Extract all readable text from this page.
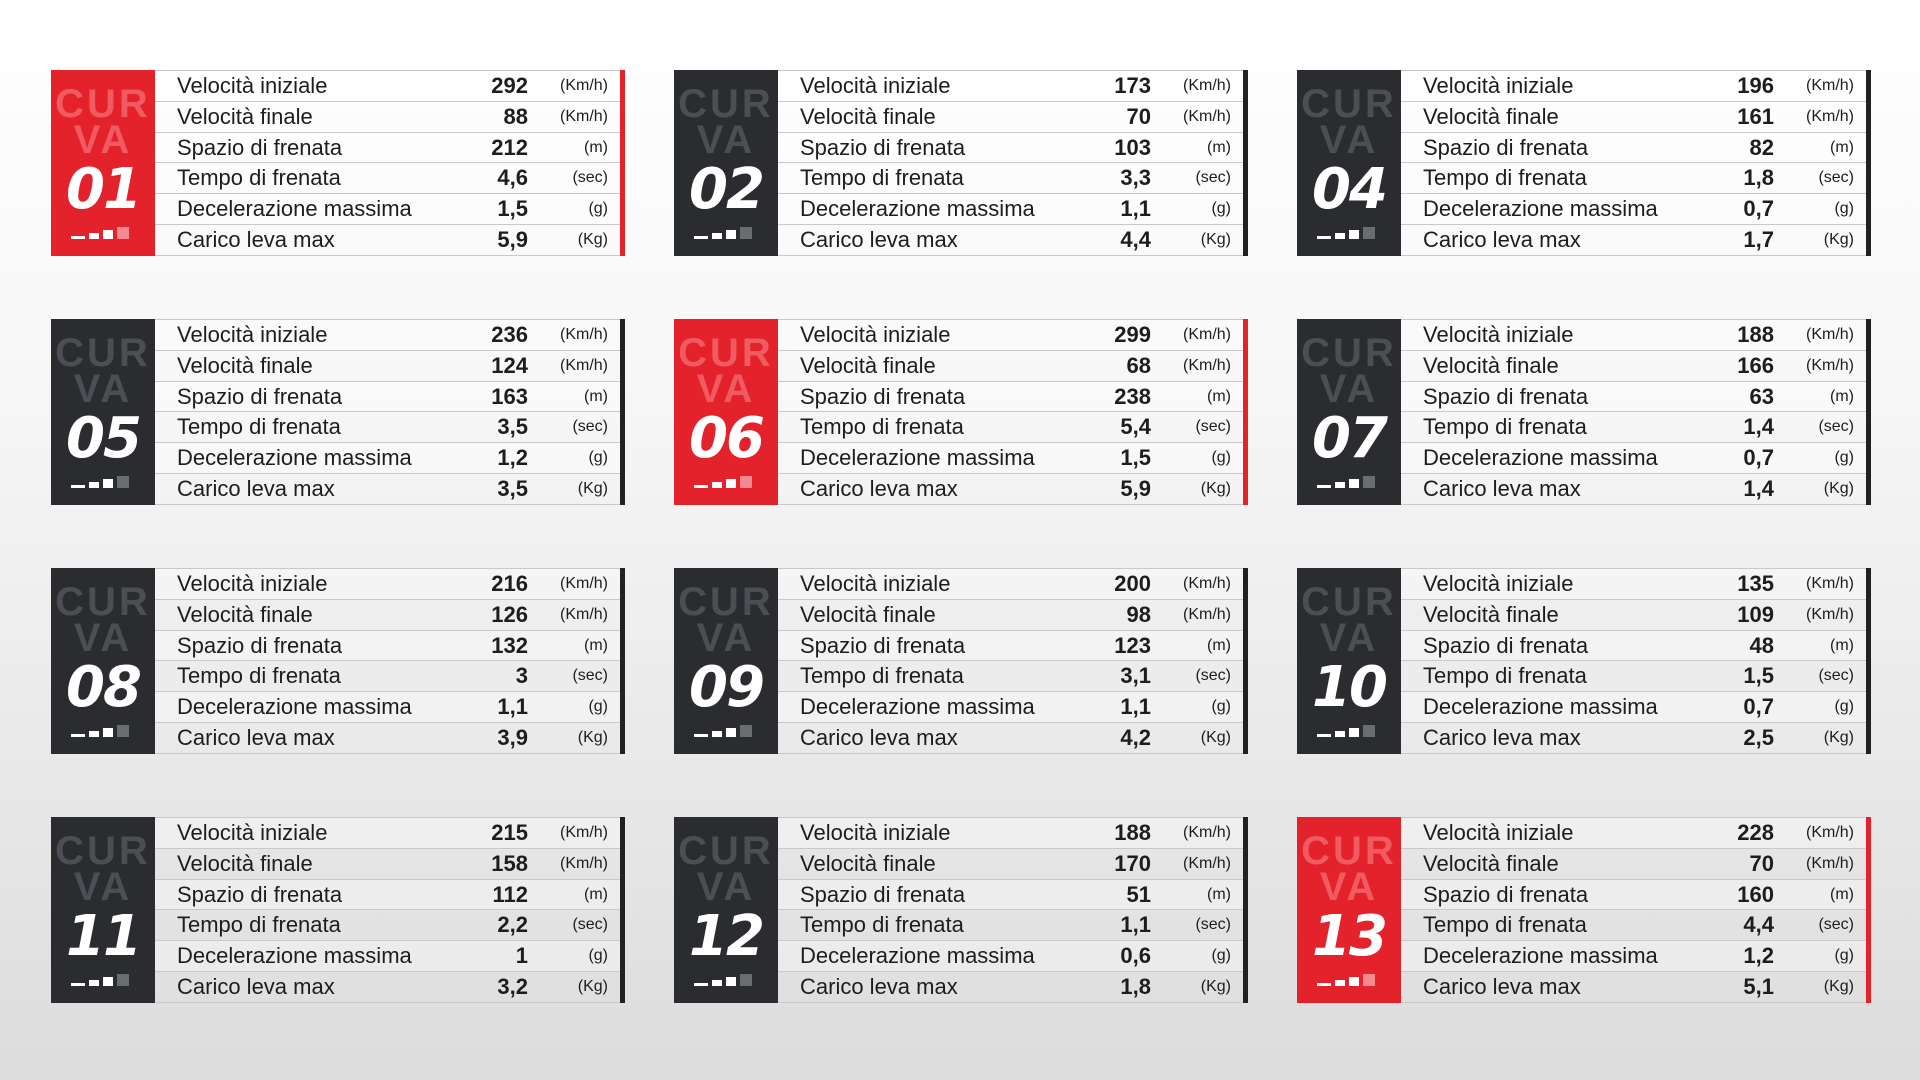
CUR
VA
01
Velocità iniziale	292	(Km/h)
Velocità finale	88	(Km/h)
Spazio di frenata	212	(m)
Tempo di frenata	4,6	(sec)
Decelerazione massima	1,5	(g)
Carico leva max	5,9	(Kg)
CUR
VA
02
Velocità iniziale	173	(Km/h)
Velocità finale	70	(Km/h)
Spazio di frenata	103	(m)
Tempo di frenata	3,3	(sec)
Decelerazione massima	1,1	(g)
Carico leva max	4,4	(Kg)
CUR
VA
04
Velocità iniziale	196	(Km/h)
Velocità finale	161	(Km/h)
Spazio di frenata	82	(m)
Tempo di frenata	1,8	(sec)
Decelerazione massima	0,7	(g)
Carico leva max	1,7	(Kg)
CUR
VA
05
Velocità iniziale	236	(Km/h)
Velocità finale	124	(Km/h)
Spazio di frenata	163	(m)
Tempo di frenata	3,5	(sec)
Decelerazione massima	1,2	(g)
Carico leva max	3,5	(Kg)
CUR
VA
06
Velocità iniziale	299	(Km/h)
Velocità finale	68	(Km/h)
Spazio di frenata	238	(m)
Tempo di frenata	5,4	(sec)
Decelerazione massima	1,5	(g)
Carico leva max	5,9	(Kg)
CUR
VA
07
Velocità iniziale	188	(Km/h)
Velocità finale	166	(Km/h)
Spazio di frenata	63	(m)
Tempo di frenata	1,4	(sec)
Decelerazione massima	0,7	(g)
Carico leva max	1,4	(Kg)
CUR
VA
08
Velocità iniziale	216	(Km/h)
Velocità finale	126	(Km/h)
Spazio di frenata	132	(m)
Tempo di frenata	3	(sec)
Decelerazione massima	1,1	(g)
Carico leva max	3,9	(Kg)
CUR
VA
09
Velocità iniziale	200	(Km/h)
Velocità finale	98	(Km/h)
Spazio di frenata	123	(m)
Tempo di frenata	3,1	(sec)
Decelerazione massima	1,1	(g)
Carico leva max	4,2	(Kg)
CUR
VA
10
Velocità iniziale	135	(Km/h)
Velocità finale	109	(Km/h)
Spazio di frenata	48	(m)
Tempo di frenata	1,5	(sec)
Decelerazione massima	0,7	(g)
Carico leva max	2,5	(Kg)
CUR
VA
11
Velocità iniziale	215	(Km/h)
Velocità finale	158	(Km/h)
Spazio di frenata	112	(m)
Tempo di frenata	2,2	(sec)
Decelerazione massima	1	(g)
Carico leva max	3,2	(Kg)
CUR
VA
12
Velocità iniziale	188	(Km/h)
Velocità finale	170	(Km/h)
Spazio di frenata	51	(m)
Tempo di frenata	1,1	(sec)
Decelerazione massima	0,6	(g)
Carico leva max	1,8	(Kg)
CUR
VA
13
Velocità iniziale	228	(Km/h)
Velocità finale	70	(Km/h)
Spazio di frenata	160	(m)
Tempo di frenata	4,4	(sec)
Decelerazione massima	1,2	(g)
Carico leva max	5,1	(Kg)
